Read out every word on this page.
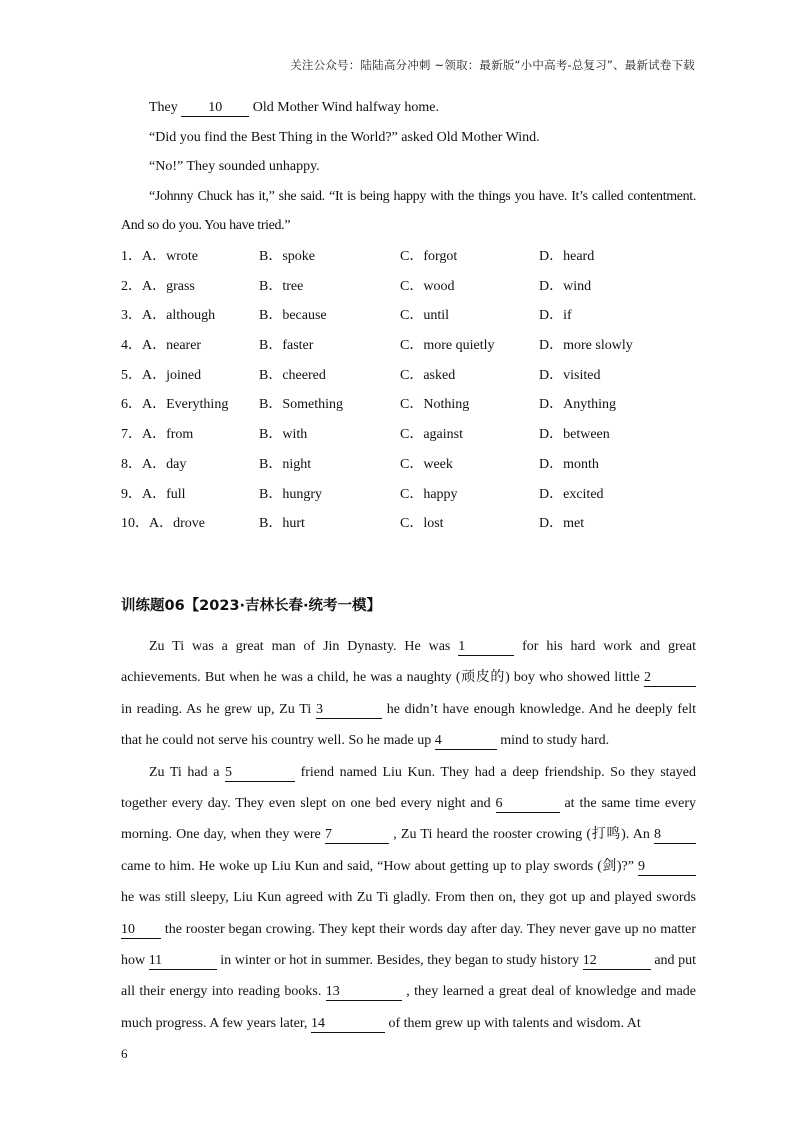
关注公众号：陆陆高分冲刺 ~领取：最新版“小中高考-总复习”、最新试卷下载

They 10 Old Mother Wind halfway home.

“Did you find the Best Thing in the World?” asked Old Mother Wind.

“No!” They sounded unhappy.

“Johnny Chuck has it,” she said. “It is being happy with the things you have. It’s called contentment. And so do you. You have tried.”

1．A．wrote	B．spoke	C．forgot	D．heard
2．A．grass	B．tree	C．wood	D．wind
3．A．although	B．because	C．until	D．if
4．A．nearer	B．faster	C．more quietly	D．more slowly
5．A．joined	B．cheered	C．asked	D．visited
6．A．Everything B．Something	C．Nothing	D．Anything
7．A．from	B．with	C．against	D．between
8．A．day	B．night	C．week	D．month
9．A．full	B．hungry	C．happy	D．excited
10．A．drove	B．hurt	C．lost	D．met
训练题06【2023·吉林长春·统考一模】

Zu Ti was a great man of Jin Dynasty. He was 1	for his hard work and great achievements. But when he was a child, he was a naughty (顽皮的) boy who showed little 2 in reading. As he grew up, Zu Ti 3	he didn’t have enough knowledge. And he deeply felt that he could not serve his country well. So he made up 4	mind to study hard.

Zu Ti had a 5	friend named Liu Kun. They had a deep friendship. So they stayed together every day. They even slept on one bed every night and 6	at the same time every morning. One day, when they were 7	, Zu Ti heard the rooster crowing (打鸣). An 8 came to him. He woke up Liu Kun and said, “How about getting up to play swords (剑)?” 9 he was still sleepy, Liu Kun agreed with Zu Ti gladly. From then on, they got up and played swords 10 the rooster began crowing. They kept their words day after day. They never gave up no matter how 11	in winter or hot in summer. Besides, they began to study history 12	and put all their energy into reading books. 13	, they learned a great deal of knowledge and made much progress. A few years later, 14	of them grew up with talents and wisdom. At

6
